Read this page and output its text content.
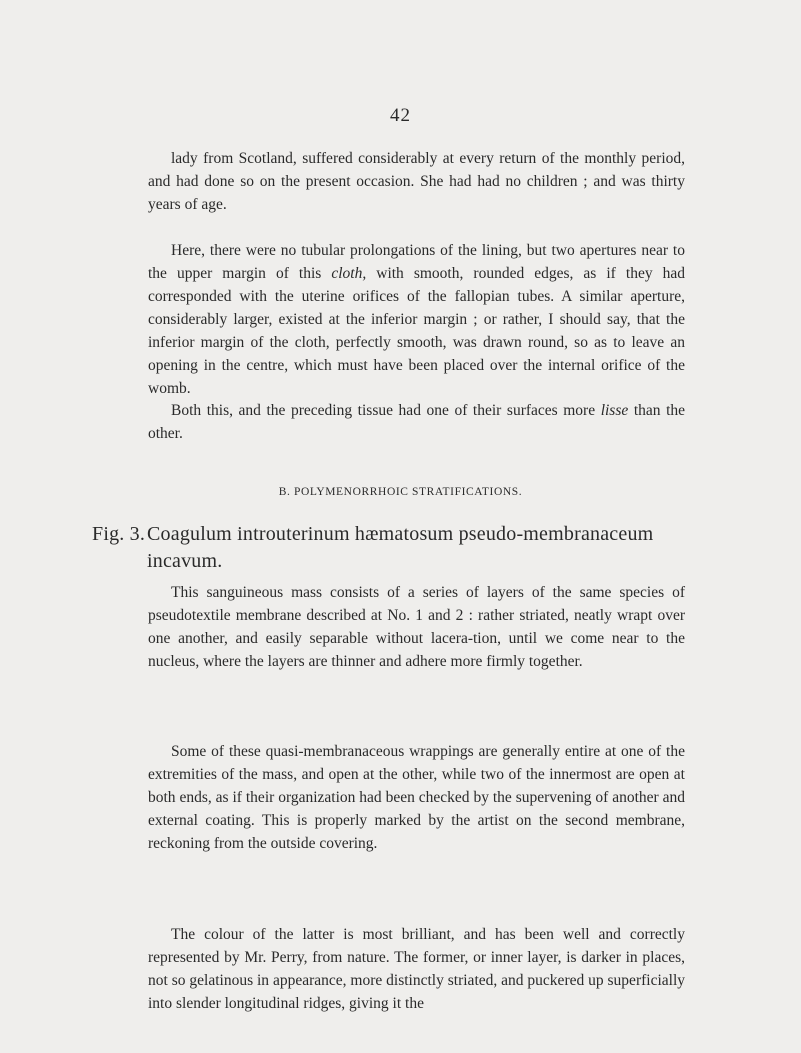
42

lady from Scotland, suffered considerably at every return of the monthly period, and had done so on the present occasion. She had had no children ; and was thirty years of age.

Here, there were no tubular prolongations of the lining, but two apertures near to the upper margin of this cloth, with smooth, rounded edges, as if they had corresponded with the uterine orifices of the fallopian tubes. A similar aperture, considerably larger, existed at the inferior margin ; or rather, I should say, that the inferior margin of the cloth, perfectly smooth, was drawn round, so as to leave an opening in the centre, which must have been placed over the internal orifice of the womb.

Both this, and the preceding tissue had one of their surfaces more lisse than the other.

B. POLYMENORRHOIC STRATIFICATIONS.
Fig. 3.Coagulum introuterinum hæmatosum pseudo-membranaceum
incavum.

This sanguineous mass consists of a series of layers of the same species of pseudotextile membrane described at No. 1 and 2 : rather striated, neatly wrapt over one another, and easily separable without lacera-tion, until we come near to the nucleus, where the layers are thinner and adhere more firmly together.

Some of these quasi-membranaceous wrappings are generally entire at one of the extremities of the mass, and open at the other, while two of the innermost are open at both ends, as if their organization had been checked by the supervening of another and external coating. This is properly marked by the artist on the second membrane, reckoning from the outside covering.

The colour of the latter is most brilliant, and has been well and correctly represented by Mr. Perry, from nature. The former, or inner layer, is darker in places, not so gelatinous in appearance, more distinctly striated, and puckered up superficially into slender longitudinal ridges, giving it the
